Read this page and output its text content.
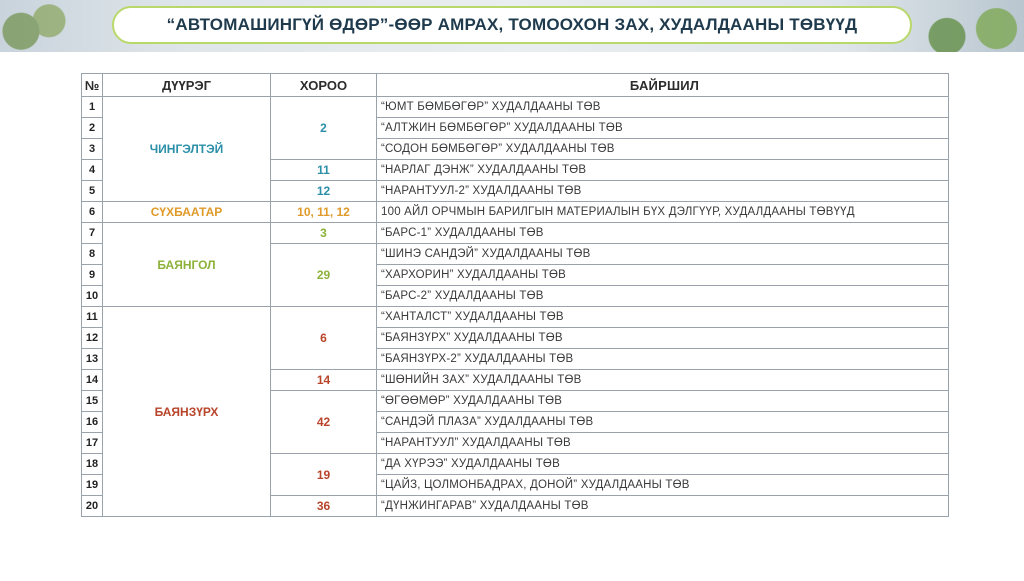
“АВТОМАШИНГҮЙ ӨДӨР”-ӨӨР АМРАХ, ТОМООХОН ЗАХ, ХУДАЛДААНЫ ТӨВҮҮД
№	ДҮҮРЭГ	ХОРОО	БАЙРШИЛ
1	ЧИНГЭЛТЭЙ	2	“ЮМТ БӨМБӨГӨР” ХУДАЛДААНЫ ТӨВ
2			“АЛТЖИН БӨМБӨГӨР” ХУДАЛДААНЫ ТӨВ
3			“СОДОН БӨМБӨГӨР” ХУДАЛДААНЫ ТӨВ
4		11	“НАРЛАГ ДЭНЖ” ХУДАЛДААНЫ ТӨВ
5		12	“НАРАНТУУЛ-2” ХУДАЛДААНЫ ТӨВ
6	СҮХБААТАР	10, 11, 12	100 АЙЛ ОРЧМЫН БАРИЛГЫН МАТЕРИАЛЫН БҮХ ДЭЛГҮҮР, ХУДАЛДААНЫ ТӨВҮҮД
7	БАЯНГОЛ	3	“БАРС-1” ХУДАЛДААНЫ ТӨВ
8		29	“ШИНЭ САНДЭЙ” ХУДАЛДААНЫ ТӨВ
9			“ХАРХОРИН” ХУДАЛДААНЫ ТӨВ
10			“БАРС-2” ХУДАЛДААНЫ ТӨВ
11	БАЯНЗҮРХ	6	“ХАНТАЛСТ” ХУДАЛДААНЫ ТӨВ
12			“БАЯНЗҮРХ” ХУДАЛДААНЫ ТӨВ
13			“БАЯНЗҮРХ-2” ХУДАЛДААНЫ ТӨВ
14		14	“ШӨНИЙН ЗАХ” ХУДАЛДААНЫ ТӨВ
15		42	“ӨГӨӨМӨР” ХУДАЛДААНЫ ТӨВ
16			“САНДЭЙ ПЛАЗА” ХУДАЛДААНЫ ТӨВ
17			“НАРАНТУУЛ” ХУДАЛДААНЫ ТӨВ
18		19	“ДА ХҮРЭЭ” ХУДАЛДААНЫ ТӨВ
19			“ЦАЙЗ, ЦОЛМОНБАДРАХ, ДОНОЙ” ХУДАЛДААНЫ ТӨВ
20		36	“ДҮНЖИНГАРАВ” ХУДАЛДААНЫ ТӨВ
